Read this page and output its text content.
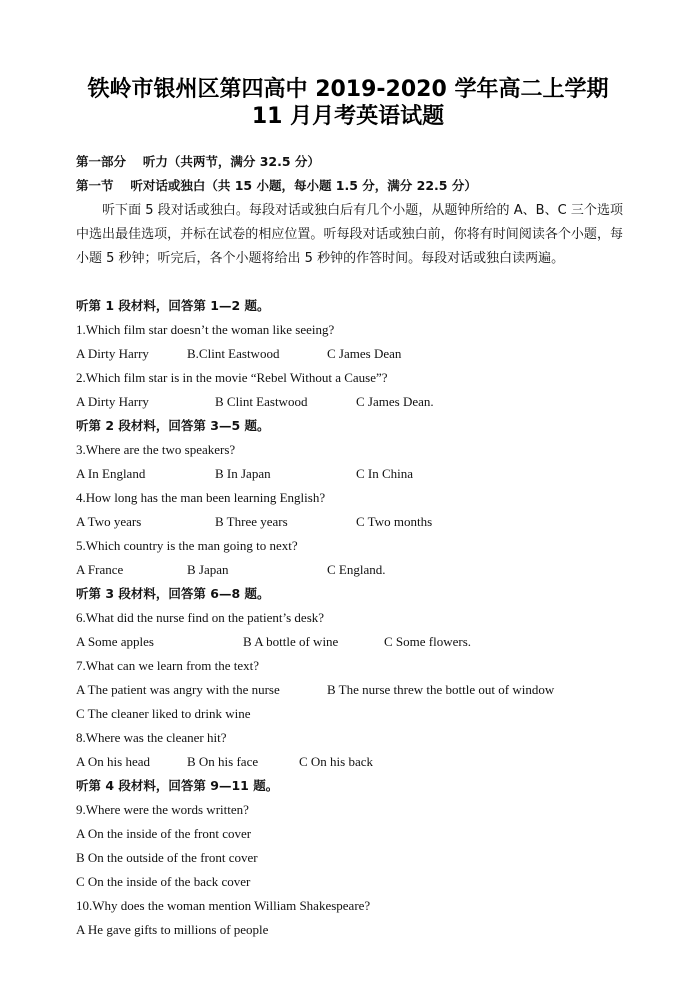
铁岭市银州区第四高中 2019-2020 学年高二上学期
11 月月考英语试题
第一部分　 听力（共两节，满分 32.5 分）
第一节　 听对话或独白（共 15 小题，每小题 1.5 分，满分 22.5 分）
听下面 5 段对话或独白。每段对话或独白后有几个小题，从题钟所给的 A、B、C 三个选项中选出最佳选项，并标在试卷的相应位置。听每段对话或独白前，你将有时间阅读各个小题，每小题 5 秒钟；听完后，各个小题将给出 5 秒钟的作答时间。每段对话或独白读两遍。
听第 1 段材料，回答第 1—2 题。
1.Which film star doesn’t the woman like seeing?
A Dirty Harry	B.Clint Eastwood	C James Dean
2.Which film star is in the movie “Rebel Without a Cause”?
A Dirty Harry	B Clint Eastwood	C James Dean.
听第 2 段材料，回答第 3—5 题。
3.Where are the two speakers?
A In England	B In Japan	C In China
4.How long has the man been learning English?
A Two years	B Three years	C Two months
5.Which country is the man going to next?
A France	B Japan	C England.
听第 3 段材料，回答第 6—8 题。
6.What did the nurse find on the patient’s desk?
A Some apples	B A bottle of wine	C Some flowers.
7.What can we learn from the text?
A The patient was angry with the nurse	B The nurse threw the bottle out of window
C The cleaner liked to drink wine
8.Where was the cleaner hit?
A On his head	B On his face	C On his back
听第 4 段材料，回答第 9—11 题。
9.Where were the words written?
A On the inside of the front cover
B On the outside of the front cover
C On the inside of the back cover
10.Why does the woman mention William Shakespeare?
A He gave gifts to millions of people
